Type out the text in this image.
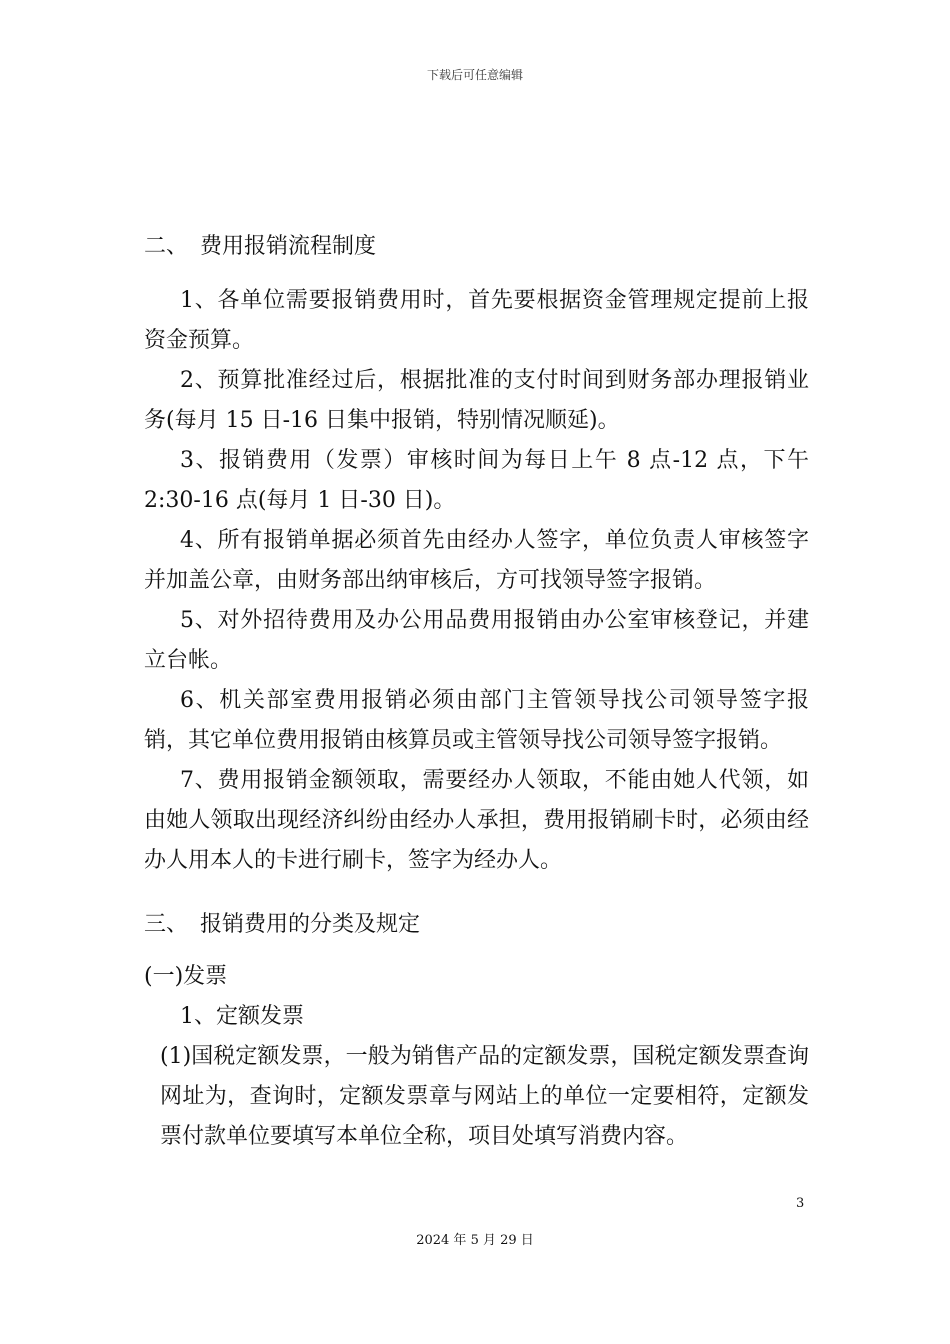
下载后可任意编辑
二、 费用报销流程制度

1、各单位需要报销费用时，首先要根据资金管理规定提前上报资金预算。

2、预算批准经过后，根据批准的支付时间到财务部办理报销业务(每月 15 日-16 日集中报销，特别情况顺延)。

3、报销费用（发票）审核时间为每日上午 8 点-12 点，下午 2:30-16 点(每月 1 日-30 日)。

4、所有报销单据必须首先由经办人签字，单位负责人审核签字并加盖公章，由财务部出纳审核后，方可找领导签字报销。

5、对外招待费用及办公用品费用报销由办公室审核登记，并建立台帐。

6、机关部室费用报销必须由部门主管领导找公司领导签字报销，其它单位费用报销由核算员或主管领导找公司领导签字报销。

7、费用报销金额领取，需要经办人领取，不能由她人代领，如由她人领取出现经济纠纷由经办人承担，费用报销刷卡时，必须由经办人用本人的卡进行刷卡，签字为经办人。

三、 报销费用的分类及规定

(一)发票

1、定额发票

(1)国税定额发票，一般为销售产品的定额发票，国税定额发票查询网址为，查询时，定额发票章与网站上的单位一定要相符，定额发票付款单位要填写本单位全称，项目处填写消费内容。

3
2024 年 5 月 29 日
